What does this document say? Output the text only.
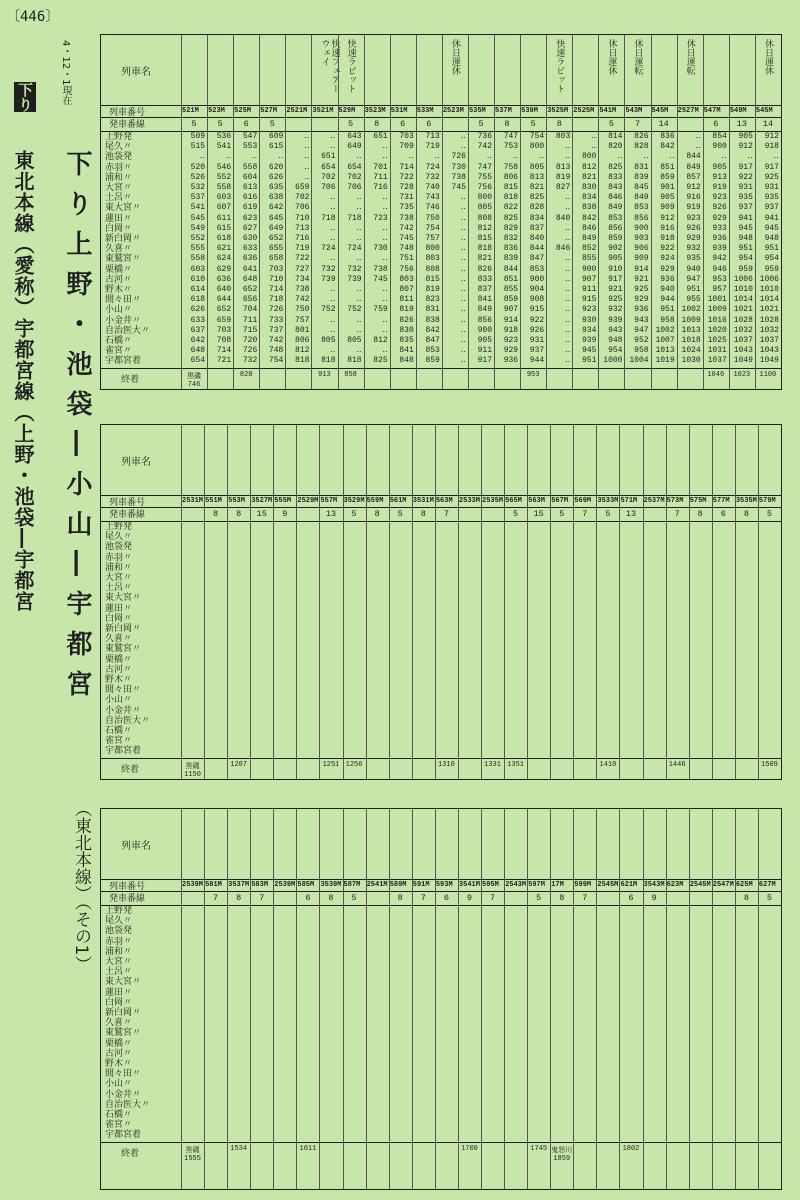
〔446〕
下り
東北本線（愛称）宇都宮線（上野・池袋―宇都宮
4・12・1現在
下り上野・池袋―小山―宇都宮
（東北本線）（その1）
列車名
列車番号
発車番線
上野発
尾久〃
池袋発
赤羽〃
浦和〃
大宮〃
土呂〃
東大宮〃
蓮田〃
白岡〃
新白岡〃
久喜〃
東鷲宮〃
栗橋〃
古河〃
野木〃
間々田〃
小山〃
小金井〃
自治医大〃
石橋〃
雀宮〃
宇都宮着
終着
521M
5
509
515
‥
520
526
532
537
541
545
549
552
555
558
603
610
614
618
626
633
637
642
648
654
黒磯746
523M
5
536
541
‥
546
552
558
603
607
611
615
618
621
624
629
636
640
644
652
659
703
708
714
721
525M
6
547
553
‥
558
604
613
616
619
623
627
630
633
636
641
648
652
656
704
711
715
720
726
732
828
527M
5
609
615
‥
620
626
635
638
642
645
649
652
655
658
703
710
714
718
726
733
737
742
748
754
2521M
‥
‥
‥
‥
‥
659
702
706
710
713
716
719
722
727
734
738
742
750
757
801
806
812
818
快速フェアーウェイ
3521M
‥
‥
651
654
702
706
‥
‥
718
‥
‥
724
‥
732
739
‥
‥
752
‥
‥
805
‥
818
913
快速ラビット
529M
5
643
649
‥
654
702
706
‥
‥
718
‥
‥
724
‥
732
739
‥
‥
752
‥
‥
805
‥
818
858
3523M
8
651
‥
‥
701
711
716
‥
‥
723
‥
‥
730
‥
738
745
‥
‥
759
‥
‥
812
‥
825
531M
6
703
709
‥
714
722
728
731
735
738
742
745
748
751
756
803
807
811
819
826
830
835
841
848
533M
6
713
719
‥
724
732
740
743
746
750
754
757
800
803
808
815
819
823
831
838
842
847
853
859
休日運休
2523M
‥
‥
726
730
738
745
‥
‥
‥
‥
‥
‥
‥
‥
‥
‥
‥
‥
‥
‥
‥
‥
‥
535M
5
736
742
‥
747
755
756
800
805
808
812
815
818
821
826
833
837
841
849
856
900
905
911
917
537M
8
747
753
‥
758
806
815
818
822
825
829
832
836
839
844
851
855
859
907
914
918
923
929
936
539M
5
754
800
‥
805
813
821
825
828
834
837
840
844
847
853
900
904
908
915
922
926
931
937
944
953
快速ラビット
3525M
8
803
‥
‥
813
819
827
‥
‥
840
‥
‥
846
‥
‥
‥
‥
‥
‥
‥
‥
‥
‥
‥
2525M
‥
‥
800
812
821
830
834
838
842
846
849
852
855
900
907
911
915
923
930
934
939
945
951
休日運休
541M
5
814
820
‥
825
833
843
846
849
853
856
859
902
905
910
917
921
925
932
939
943
948
954
1000
休日運転
543M
7
826
828
‥
831
839
845
849
853
856
900
903
906
909
914
921
925
929
936
943
947
952
958
1004
545M
14
836
842
‥
851
859
901
905
909
912
916
918
922
924
929
936
940
944
951
958
1002
1007
1013
1019
休日運転
2527M
‥
‥
844
849
857
912
916
919
923
926
929
932
935
940
947
951
955
1002
1009
1013
1018
1024
1030
547M
6
854
900
‥
905
913
919
923
926
929
933
936
939
942
946
953
957
1001
1009
1016
1020
1025
1031
1037
1046
549M
13
905
912
‥
917
922
931
935
937
941
945
948
951
954
959
1006
1010
1014
1021
1028
1032
1037
1043
1049
1023
休日運休
545M
14
912
918
‥
917
925
931
935
937
941
945
948
951
954
959
1006
1010
1014
1021
1028
1032
1037
1043
1049
1100
列車名
列車番号
発車番線
上野発
尾久〃
池袋発
赤羽〃
浦和〃
大宮〃
土呂〃
東大宮〃
蓮田〃
白岡〃
新白岡〃
久喜〃
東鷲宮〃
栗橋〃
古河〃
野木〃
間々田〃
小山〃
小金井〃
自治医大〃
石橋〃
雀宮〃
宇都宮着
終着
2531M
黒磯1150
551M
8
553M
8
1207
3527M
15
555M
9
2529M 557M
13
1251
3529M
5
1256
559M
8
561M
5
3531M
8
563M
7
1310
2533M 2535M
1331
565M
5
1351
563M
15
567M
5
569M
7
3533M
5
1410
571M
13
2537M 573M
7
1446
575M
8
577M
6
3535M
8
579M
5
1509
列車名
列車番号
発車番線
上野発
尾久〃
池袋発
赤羽〃
浦和〃
大宮〃
土呂〃
東大宮〃
蓮田〃
白岡〃
新白岡〃
久喜〃
東鷲宮〃
栗橋〃
古河〃
野木〃
間々田〃
小山〃
小金井〃
自治医大〃
石橋〃
雀宮〃
宇都宮着
終着
2539M
黒磯1555
581M
7
3537M
8
1534
583M
7
2539M 585M
6
1611
3539M
8
587M
5
2541M 589M
8
591M
7
593M
6
3541M
9
1700
595M
7
2543M 597M
5
1745
17M
8
鬼怒川1859
599M
7
2545M 621M
6
1802
3543M
9
623M 2545M 2547M 625M
8
627M
5
